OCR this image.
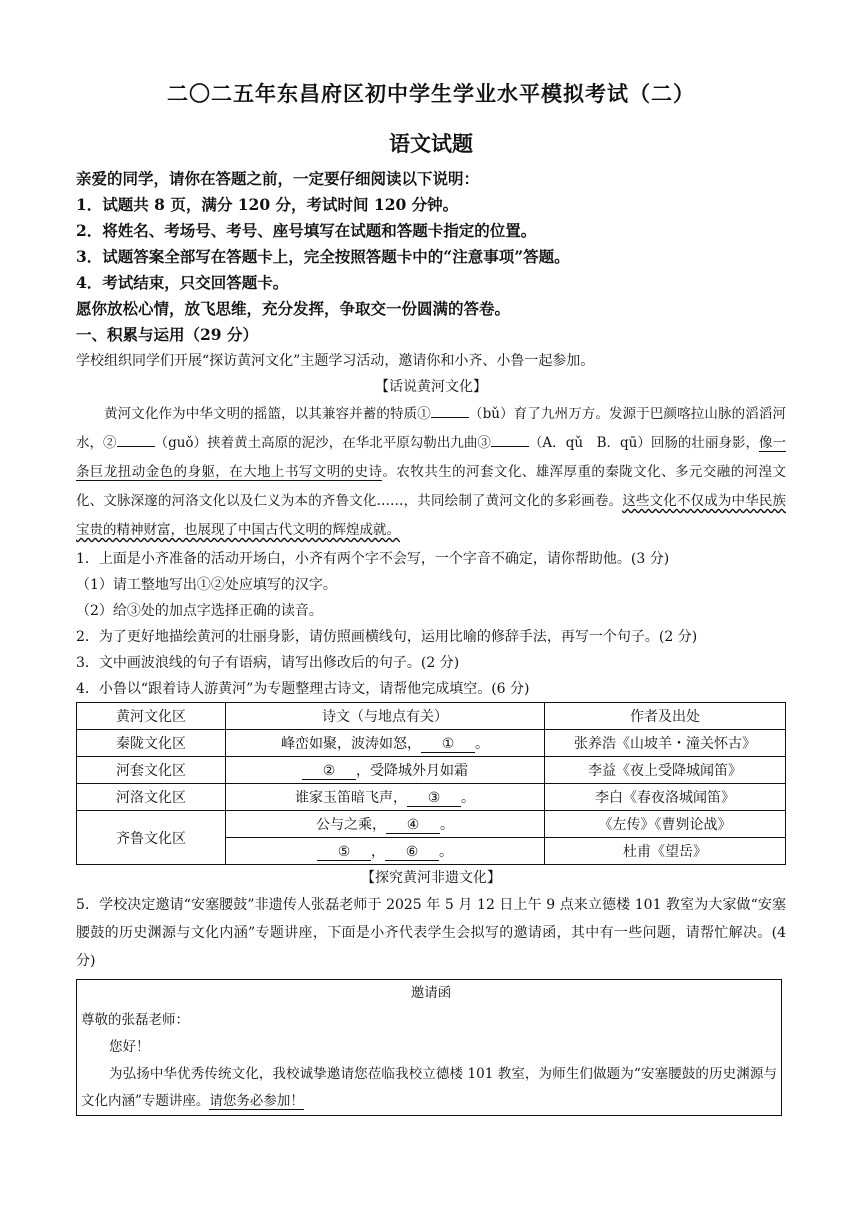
二〇二五年东昌府区初中学生学业水平模拟考试（二）
语文试题
亲爱的同学，请你在答题之前，一定要仔细阅读以下说明：
1．试题共 8 页，满分 120 分，考试时间 120 分钟。
2．将姓名、考场号、考号、座号填写在试题和答题卡指定的位置。
3．试题答案全部写在答题卡上，完全按照答题卡中的“注意事项”答题。
4．考试结束，只交回答题卡。
愿你放松心情，放飞思维，充分发挥，争取交一份圆满的答卷。
一、积累与运用（29 分）
学校组织同学们开展“探访黄河文化”主题学习活动，邀请你和小齐、小鲁一起参加。
【话说黄河文化】

黄河文化作为中华文明的摇篮，以其兼容并蓄的特质①	（bǔ）育了九州万方。发源于巴颜喀拉山脉的滔滔河水，②	（guǒ）挟着黄土高原的泥沙，在华北平原勾勒出九曲③	（A．qǔ　B．qū）回肠的壮丽身影，像一条巨龙扭动金色的身躯，在大地上书写文明的史诗。农牧共生的河套文化、雄浑厚重的秦陇文化、多元交融的河湟文化、文脉深邃的河洛文化以及仁义为本的齐鲁文化……，共同绘制了黄河文化的多彩画卷。这些文化不仅成为中华民族宝贵的精神财富，也展现了中国古代文明的辉煌成就。

1．上面是小齐准备的活动开场白，小齐有两个字不会写，一个字音不确定，请你帮助他。(3 分)
（1）请工整地写出①②处应填写的汉字。
（2）给③处的加点字选择正确的读音。
2．为了更好地描绘黄河的壮丽身影，请仿照画横线句，运用比喻的修辞手法，再写一个句子。(2 分)
3．文中画波浪线的句子有语病，请写出修改后的句子。(2 分)
4．小鲁以“跟着诗人游黄河”为专题整理古诗文，请帮他完成填空。(6 分)
黄河文化区	诗文（与地点有关）	作者及出处
秦陇文化区	峰峦如聚，波涛如怒， ① 。	张养浩《山坡羊・潼关怀古》
河套文化区	② ，受降城外月如霜	李益《夜上受降城闻笛》
河洛文化区	谁家玉笛暗飞声， ③ 。	李白《春夜洛城闻笛》
齐鲁文化区	公与之乘， ④ 。	《左传》《曹刿论战》
	⑤ ， ⑥ 。	杜甫《望岳》
【探究黄河非遗文化】
5．学校决定邀请“安塞腰鼓”非遗传人张磊老师于 2025 年 5 月 12 日上午 9 点来立德楼 101 教室为大家做“安塞腰鼓的历史渊源与文化内涵”专题讲座，下面是小齐代表学生会拟写的邀请函，其中有一些问题，请帮忙解决。(4 分)
邀请函
尊敬的张磊老师：
您好！
为弘扬中华优秀传统文化，我校诚挚邀请您莅临我校立德楼 101 教室，为师生们做题为“安塞腰鼓的历史渊源与文化内涵”专题讲座。请您务必参加！
